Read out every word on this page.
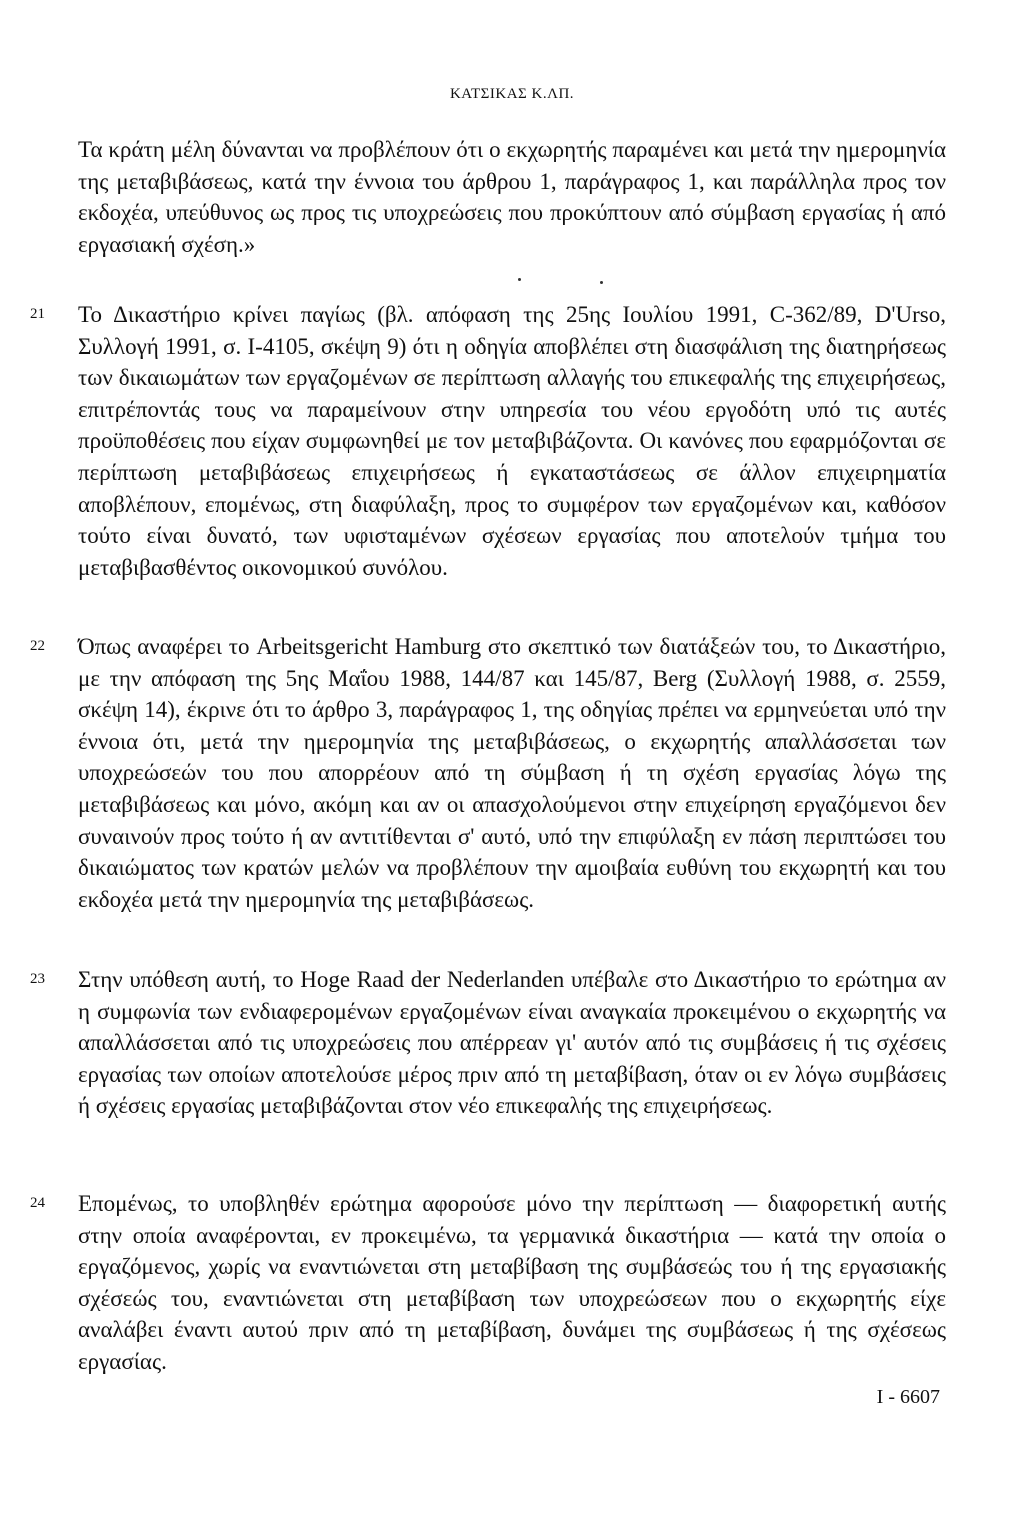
ΚΑΤΣΙΚΑΣ Κ.ΛΠ.

Τα κράτη μέλη δύνανται να προβλέπουν ότι ο εκχωρητής παραμένει και μετά την ημερομηνία της μεταβιβάσεως, κατά την έννοια του άρθρου 1, παράγραφος 1, και παράλληλα προς τον εκδοχέα, υπεύθυνος ως προς τις υποχρεώσεις που προκύπτουν από σύμβαση εργασίας ή από εργασιακή σχέση.»

21 Το Δικαστήριο κρίνει παγίως (βλ. απόφαση της 25ης Ιουλίου 1991, C-362/89, D'Urso, Συλλογή 1991, σ. I-4105, σκέψη 9) ότι η οδηγία αποβλέπει στη διασφάλιση της διατηρήσεως των δικαιωμάτων των εργαζομένων σε περίπτωση αλλαγής του επικεφαλής της επιχειρήσεως, επιτρέποντάς τους να παραμείνουν στην υπηρεσία του νέου εργοδότη υπό τις αυτές προϋποθέσεις που είχαν συμφωνηθεί με τον μεταβιβάζοντα. Οι κανόνες που εφαρμόζονται σε περίπτωση μεταβιβάσεως επιχειρήσεως ή εγκαταστάσεως σε άλλον επιχειρηματία αποβλέπουν, επομένως, στη διαφύλαξη, προς το συμφέρον των εργαζομένων και, καθόσον τούτο είναι δυνατό, των υφισταμένων σχέσεων εργασίας που αποτελούν τμήμα του μεταβιβασθέντος οικονομικού συνόλου.

22 Όπως αναφέρει το Arbeitsgericht Hamburg στο σκεπτικό των διατάξεών του, το Δικαστήριο, με την απόφαση της 5ης Μαΐου 1988, 144/87 και 145/87, Berg (Συλλογή 1988, σ. 2559, σκέψη 14), έκρινε ότι το άρθρο 3, παράγραφος 1, της οδηγίας πρέπει να ερμηνεύεται υπό την έννοια ότι, μετά την ημερομηνία της μεταβιβάσεως, ο εκχωρητής απαλλάσσεται των υποχρεώσεών του που απορρέουν από τη σύμβαση ή τη σχέση εργασίας λόγω της μεταβιβάσεως και μόνο, ακόμη και αν οι απασχολούμενοι στην επιχείρηση εργαζόμενοι δεν συναινούν προς τούτο ή αν αντιτίθενται σ' αυτό, υπό την επιφύλαξη εν πάση περιπτώσει του δικαιώματος των κρατών μελών να προβλέπουν την αμοιβαία ευθύνη του εκχωρητή και του εκδοχέα μετά την ημερομηνία της μεταβιβάσεως.

23 Στην υπόθεση αυτή, το Hoge Raad der Nederlanden υπέβαλε στο Δικαστήριο το ερώτημα αν η συμφωνία των ενδιαφερομένων εργαζομένων είναι αναγκαία προκειμένου ο εκχωρητής να απαλλάσσεται από τις υποχρεώσεις που απέρρεαν γι' αυτόν από τις συμβάσεις ή τις σχέσεις εργασίας των οποίων αποτελούσε μέρος πριν από τη μεταβίβαση, όταν οι εν λόγω συμβάσεις ή σχέσεις εργασίας μεταβιβάζονται στον νέο επικεφαλής της επιχειρήσεως.

24 Επομένως, το υποβληθέν ερώτημα αφορούσε μόνο την περίπτωση — διαφορετική αυτής στην οποία αναφέρονται, εν προκειμένω, τα γερμανικά δικαστήρια — κατά την οποία ο εργαζόμενος, χωρίς να εναντιώνεται στη μεταβίβαση της συμβάσεώς του ή της εργασιακής σχέσεώς του, εναντιώνεται στη μεταβίβαση των υποχρεώσεων που ο εκχωρητής είχε αναλάβει έναντι αυτού πριν από τη μεταβίβαση, δυνάμει της συμβάσεως ή της σχέσεως εργασίας.

I - 6607
